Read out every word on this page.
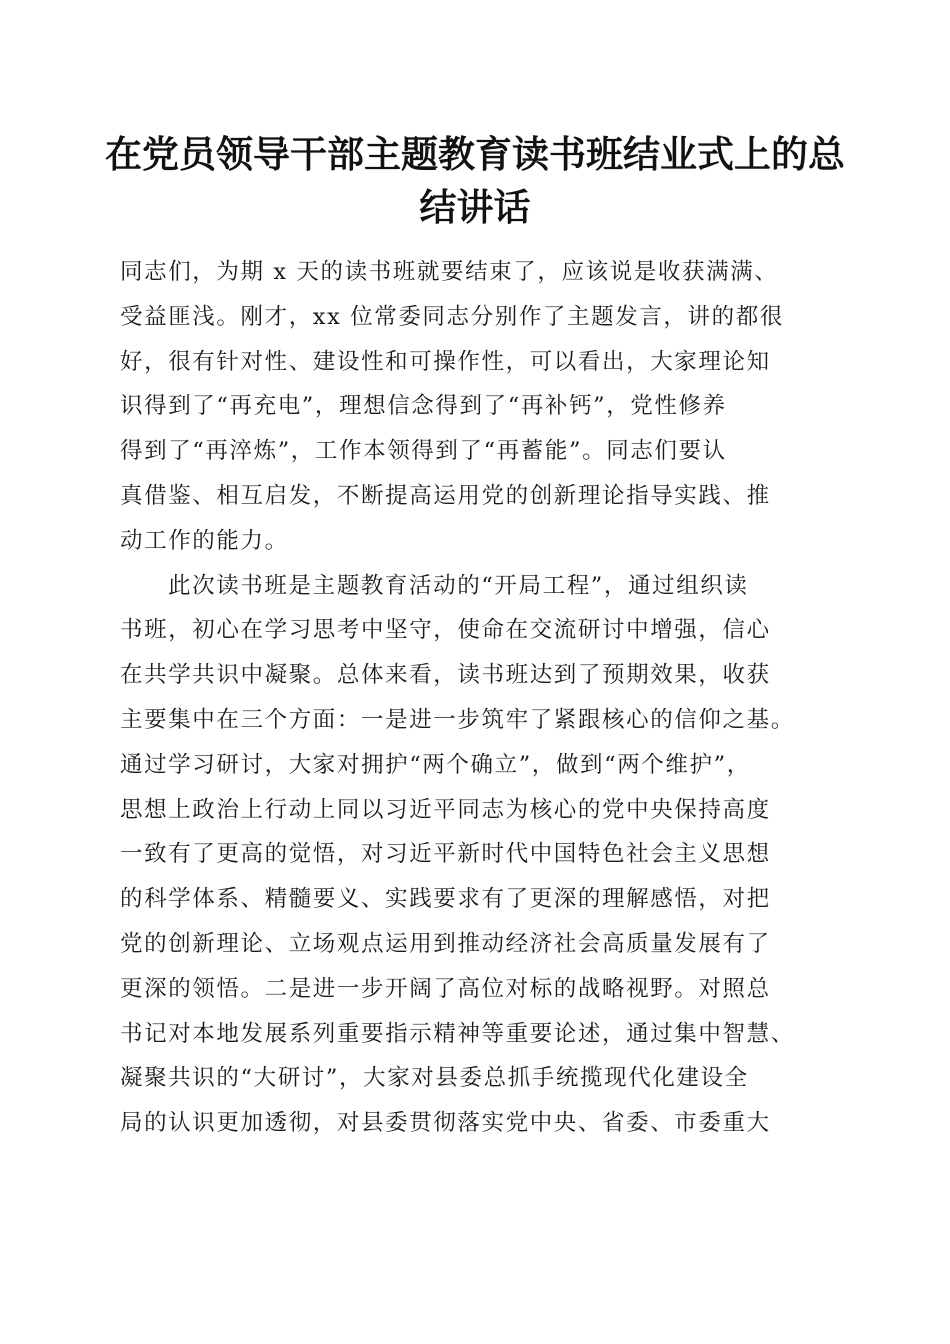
在党员领导干部主题教育读书班结业式上的总
结讲话
同志们，为期 x 天的读书班就要结束了，应该说是收获满满、
受益匪浅。刚才，xx 位常委同志分别作了主题发言，讲的都很
好，很有针对性、建设性和可操作性，可以看出，大家理论知
识得到了“再充电”，理想信念得到了“再补钙”，党性修养
得到了“再淬炼”，工作本领得到了“再蓄能”。同志们要认
真借鉴、相互启发，不断提高运用党的创新理论指导实践、推
动工作的能力。
此次读书班是主题教育活动的“开局工程”，通过组织读
书班，初心在学习思考中坚守，使命在交流研讨中增强，信心
在共学共识中凝聚。总体来看，读书班达到了预期效果，收获
主要集中在三个方面：一是进一步筑牢了紧跟核心的信仰之基。
通过学习研讨，大家对拥护“两个确立”，做到“两个维护”，
思想上政治上行动上同以习近平同志为核心的党中央保持高度
一致有了更高的觉悟，对习近平新时代中国特色社会主义思想
的科学体系、精髓要义、实践要求有了更深的理解感悟，对把
党的创新理论、立场观点运用到推动经济社会高质量发展有了
更深的领悟。二是进一步开阔了高位对标的战略视野。对照总
书记对本地发展系列重要指示精神等重要论述，通过集中智慧、
凝聚共识的“大研讨”，大家对县委总抓手统揽现代化建设全
局的认识更加透彻，对县委贯彻落实党中央、省委、市委重大
